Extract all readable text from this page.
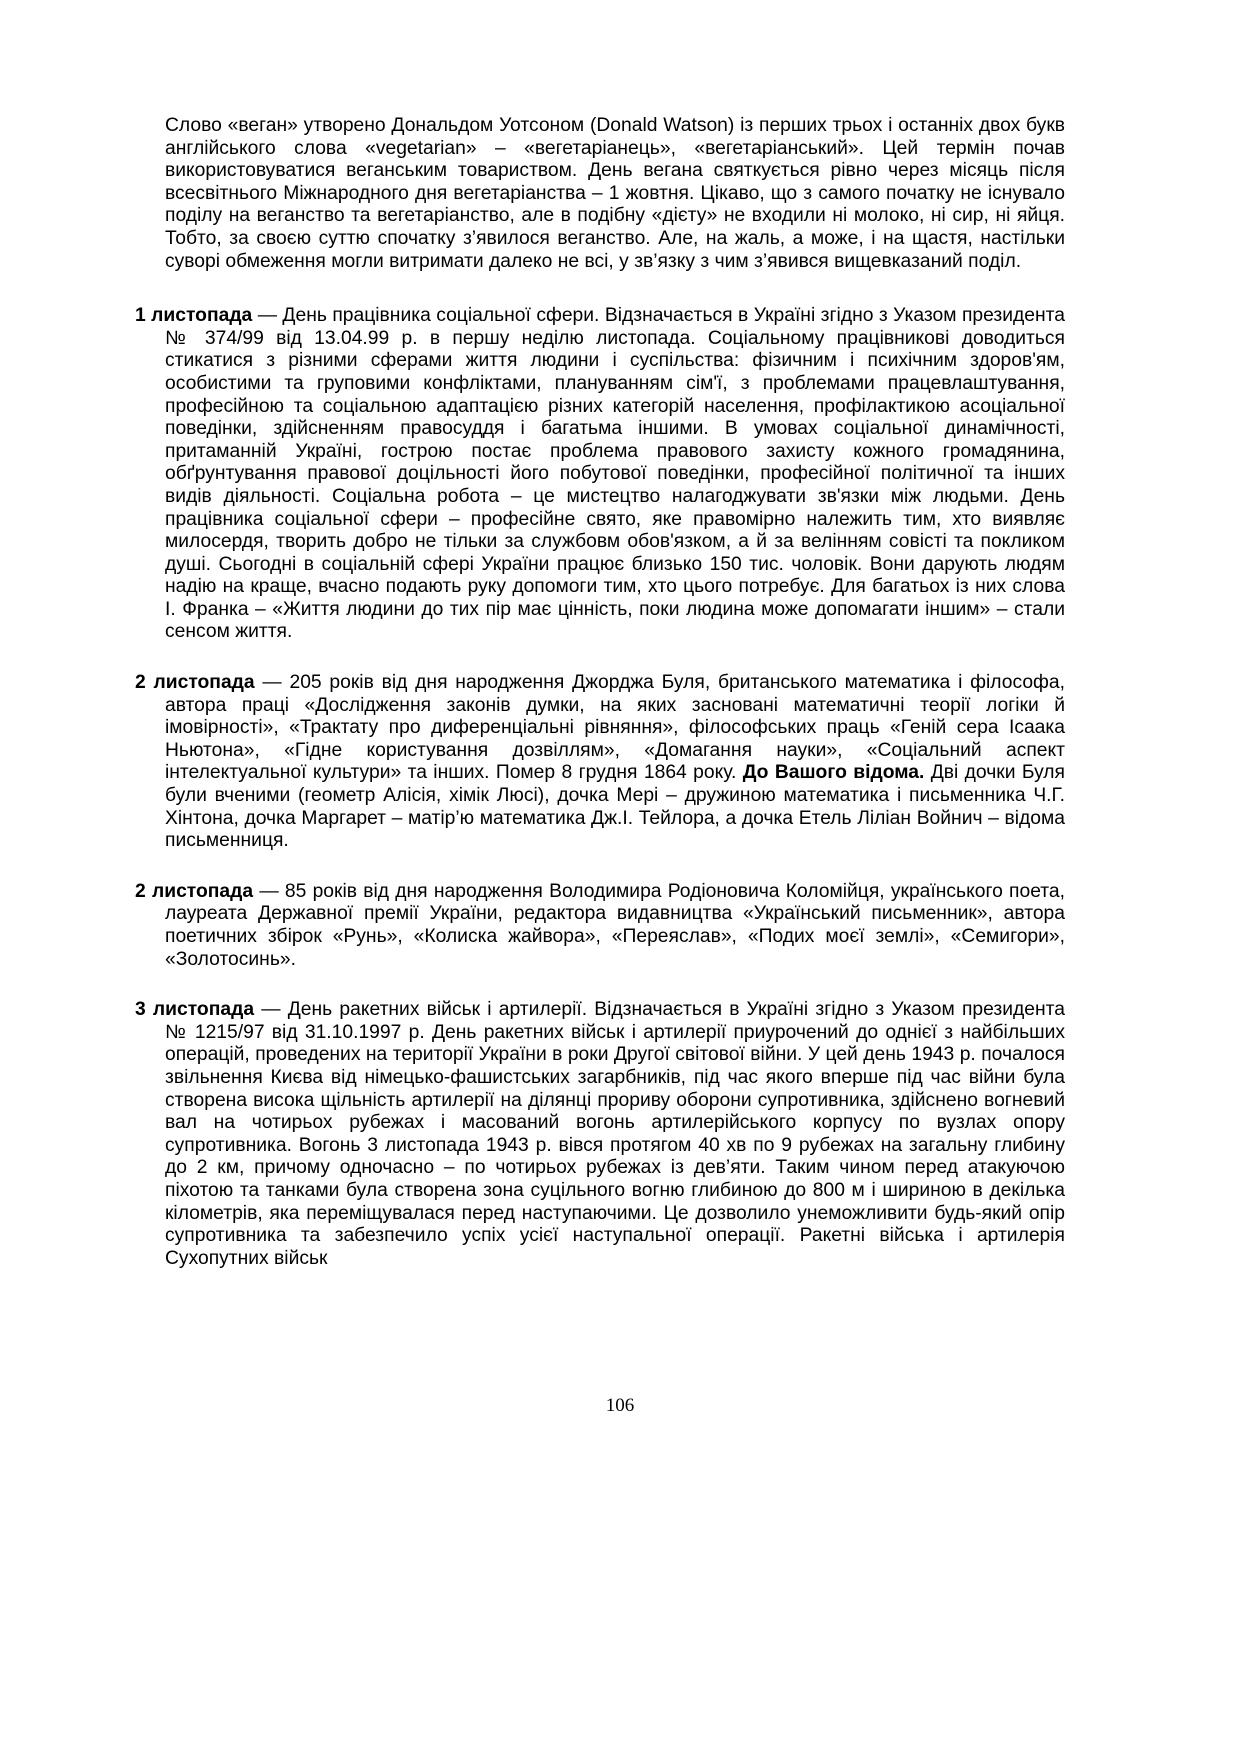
Слово «веган» утворено Дональдом Уотсоном (Donald Watson) із перших трьох і останніх двох букв англійського слова «vegetarian» – «вегетаріанець», «вегетаріанський». Цей термін почав використовуватися веганським товариством. День вегана святкується рівно через місяць після всесвітнього Міжнародного дня вегетаріанства – 1 жовтня. Цікаво, що з самого початку не існувало поділу на веганство та вегетаріанство, але в подібну «дієту» не входили ні молоко, ні сир, ні яйця. Тобто, за своєю суттю спочатку з’явилося веганство. Але, на жаль, а може, і на щастя, настільки суворі обмеження могли витримати далеко не всі, у зв’язку з чим з’явився вищевказаний поділ.

1 листопада — День працівника соціальної сфери. Відзначається в Україні згідно з Указом президента № 374/99 від 13.04.99 р. в першу неділю листопада. Соціальному працівникові доводиться стикатися з різними сферами життя людини і суспільства: фізичним і психічним здоров'ям, особистими та груповими конфліктами, плануванням сім'ї, з проблемами працевлаштування, професійною та соціальною адаптацією різних категорій населення, профілактикою асоціальної поведінки, здійсненням правосуддя і багатьма іншими. В умовах соціальної динамічності, притаманній Україні, гострою постає проблема правового захисту кожного громадянина, обґрунтування правової доцільності його побутової поведінки, професійної політичної та інших видів діяльності. Соціальна робота – це мистецтво налагоджувати зв'язки між людьми. День працівника соціальної сфери – професійне свято, яке правомірно належить тим, хто виявляє милосердя, творить добро не тільки за службовм обов'язком, а й за велінням совісті та покликом душі. Сьогодні в соціальній сфері України працює близько 150 тис. чоловік. Вони дарують людям надію на краще, вчасно подають руку допомоги тим, хто цього потребує. Для багатьох із них слова І. Франка – «Життя людини до тих пір має цінність, поки людина може допомагати іншим» – стали сенсом життя.

2 листопада — 205 років від дня народження Джорджа Буля, британського математика і філософа, автора праці «Дослідження законів думки, на яких засновані математичні теорії логіки й імовірності», «Трактату про диференціальні рівняння», філософських праць «Геній сера Ісаака Ньютона», «Гідне користування дозвіллям», «Домагання науки», «Соціальний аспект інтелектуальної культури» та інших. Помер 8 грудня 1864 року. До Вашого відома. Дві дочки Буля були вченими (геометр Алісія, хімік Люсі), дочка Мері – дружиною математика і письменника Ч.Г. Хінтона, дочка Маргарет – матір’ю математика Дж.І. Тейлора, а дочка Етель Ліліан Войнич – відома письменниця.

2 листопада — 85 років від дня народження Володимира Родіоновича Коломійця, українського поета, лауреата Державної премії України, редактора видавництва «Український письменник», автора поетичних збірок «Рунь», «Колиска жайвора», «Переяслав», «Подих моєї землі», «Семигори», «Золотосинь».

3 листопада — День ракетних військ і артилерії. Відзначається в Україні згідно з Указом президента № 1215/97 від 31.10.1997 р. День ракетних військ і артилерії приурочений до однієї з найбільших операцій, проведених на території України в роки Другої світової війни. У цей день 1943 р. почалося звільнення Києва від німецько-фашистських загарбників, під час якого вперше під час війни була створена висока щільність артилерії на ділянці прориву оборони супротивника, здійснено вогневий вал на чотирьох рубежах і масований вогонь артилерійського корпусу по вузлах опору супротивника. Вогонь 3 листопада 1943 р. вівся протягом 40 хв по 9 рубежах на загальну глибину до 2 км, причому одночасно – по чотирьох рубежах із дев’яти. Таким чином перед атакуючою піхотою та танками була створена зона суцільного вогню глибиною до 800 м і шириною в декілька кілометрів, яка переміщувалася перед наступаючими. Це дозволило унеможливити будь-який опір супротивника та забезпечило успіх усієї наступальної операції. Ракетні війська і артилерія Сухопутних військ

106
